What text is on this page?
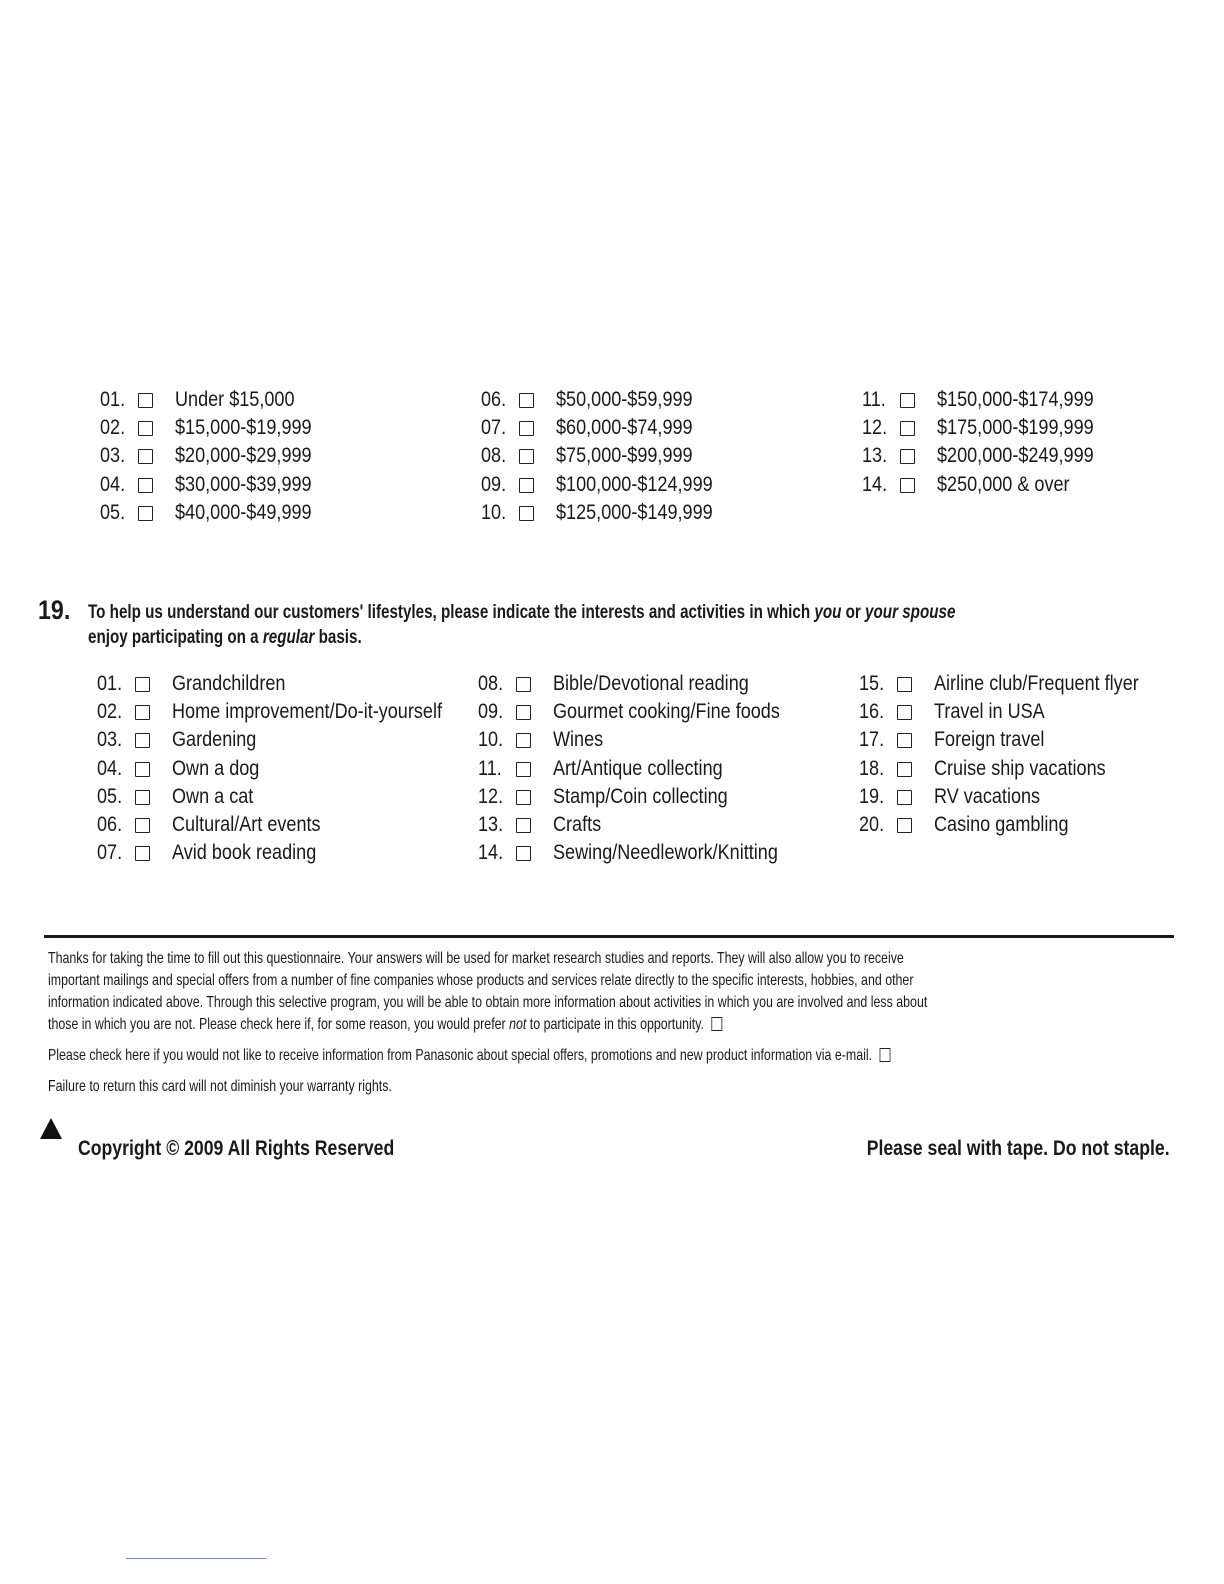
01. Under $15,000
02. $15,000-$19,999
03. $20,000-$29,999
04. $30,000-$39,999
05. $40,000-$49,999
06. $50,000-$59,999
07. $60,000-$74,999
08. $75,000-$99,999
09. $100,000-$124,999
10. $125,000-$149,999
11. $150,000-$174,999
12. $175,000-$199,999
13. $200,000-$249,999
14. $250,000 & over
19. To help us understand our customers' lifestyles, please indicate the interests and activities in which you or your spouse
enjoy participating on a regular basis.
01. Grandchildren
02. Home improvement/Do-it-yourself
03. Gardening
04. Own a dog
05. Own a cat
06. Cultural/Art events
07. Avid book reading
08. Bible/Devotional reading
09. Gourmet cooking/Fine foods
10. Wines
11. Art/Antique collecting
12. Stamp/Coin collecting
13. Crafts
14. Sewing/Needlework/Knitting
15. Airline club/Frequent flyer
16. Travel in USA
17. Foreign travel
18. Cruise ship vacations
19. RV vacations
20. Casino gambling
Thanks for taking the time to fill out this questionnaire. Your answers will be used for market research studies and reports. They will also allow you to receive
important mailings and special offers from a number of fine companies whose products and services relate directly to the specific interests, hobbies, and other
information indicated above. Through this selective program, you will be able to obtain more information about activities in which you are involved and less about
those in which you are not. Please check here if, for some reason, you would prefer not to participate in this opportunity.
Please check here if you would not like to receive information from Panasonic about special offers, promotions and new product information via e-mail.
Failure to return this card will not diminish your warranty rights.
Copyright © 2009 All Rights Reserved	Please seal with tape. Do not staple.
